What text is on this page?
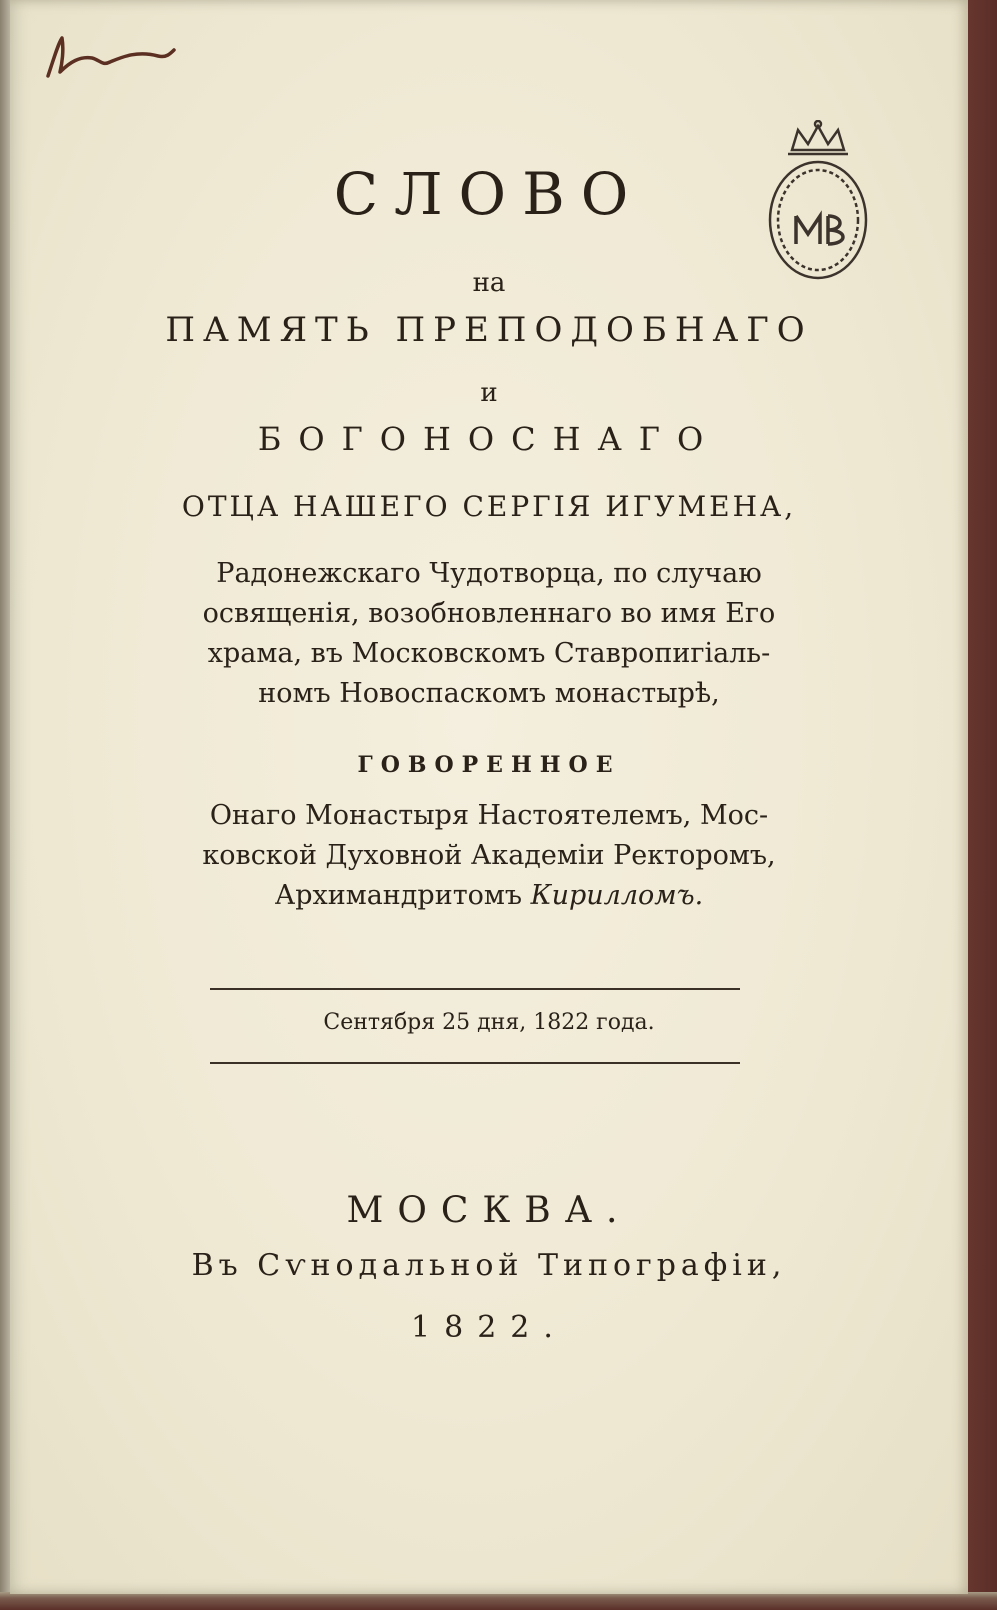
СЛОВО
на
ПАМЯТЬ ПРЕПОДОБНАГО
и
БОГОНОСНАГО
ОТЦА НАШЕГО СЕРГІЯ ИГУМЕНА,
Радонежскаго Чудотворца, по случаю
освященія, возобновленнаго во имя Его
храма, въ Московскомъ Ставропигіаль-
номъ Новоспаскомъ монастырѣ,
ГОВОРЕННОЕ
Онаго Монастыря Настоятелемъ, Мос-
ковской Духовной Академіи Ректоромъ,
Архимандритомъ Кирилломъ.
Сентября 25 дня, 1822 года.
МОСКВА.
Въ Сѵнодальной Типографіи,
1822.
